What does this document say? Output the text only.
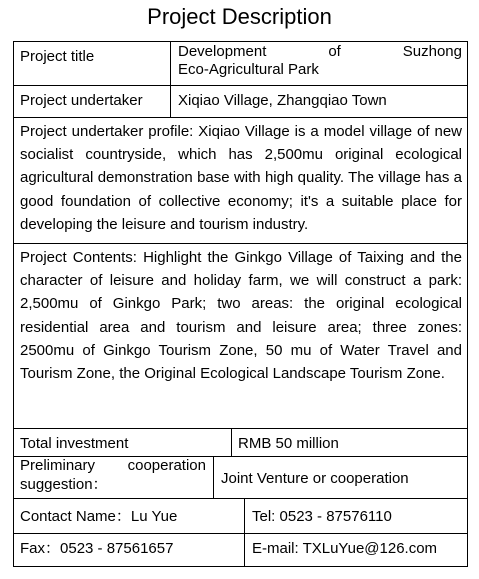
Project Description
Project title	Development of Suzhong
Eco-Agricultural Park
Project undertaker Xiqiao Village, Zhangqiao Town
Project undertaker profile: Xiqiao Village is a model village of new socialist countryside, which has 2,500mu original ecological agricultural demonstration base with high quality. The village has a good foundation of collective economy; it's a suitable place for developing the leisure and tourism industry.
Project Contents: Highlight the Ginkgo Village of Taixing and the character of leisure and holiday farm, we will construct a park: 2,500mu of Ginkgo Park; two areas: the original ecological residential area and tourism and leisure area; three zones: 2500mu of Ginkgo Tourism Zone, 50 mu of Water Travel and Tourism Zone, the Original Ecological Landscape Tourism Zone.
Total investment	RMB 50 million
Preliminary cooperation
suggestion：	Joint Venture or cooperation
Contact Name：Lu Yue	Tel: 0523 - 87576110
Fax：0523 - 87561657	E-mail: TXLuYue@126.com
